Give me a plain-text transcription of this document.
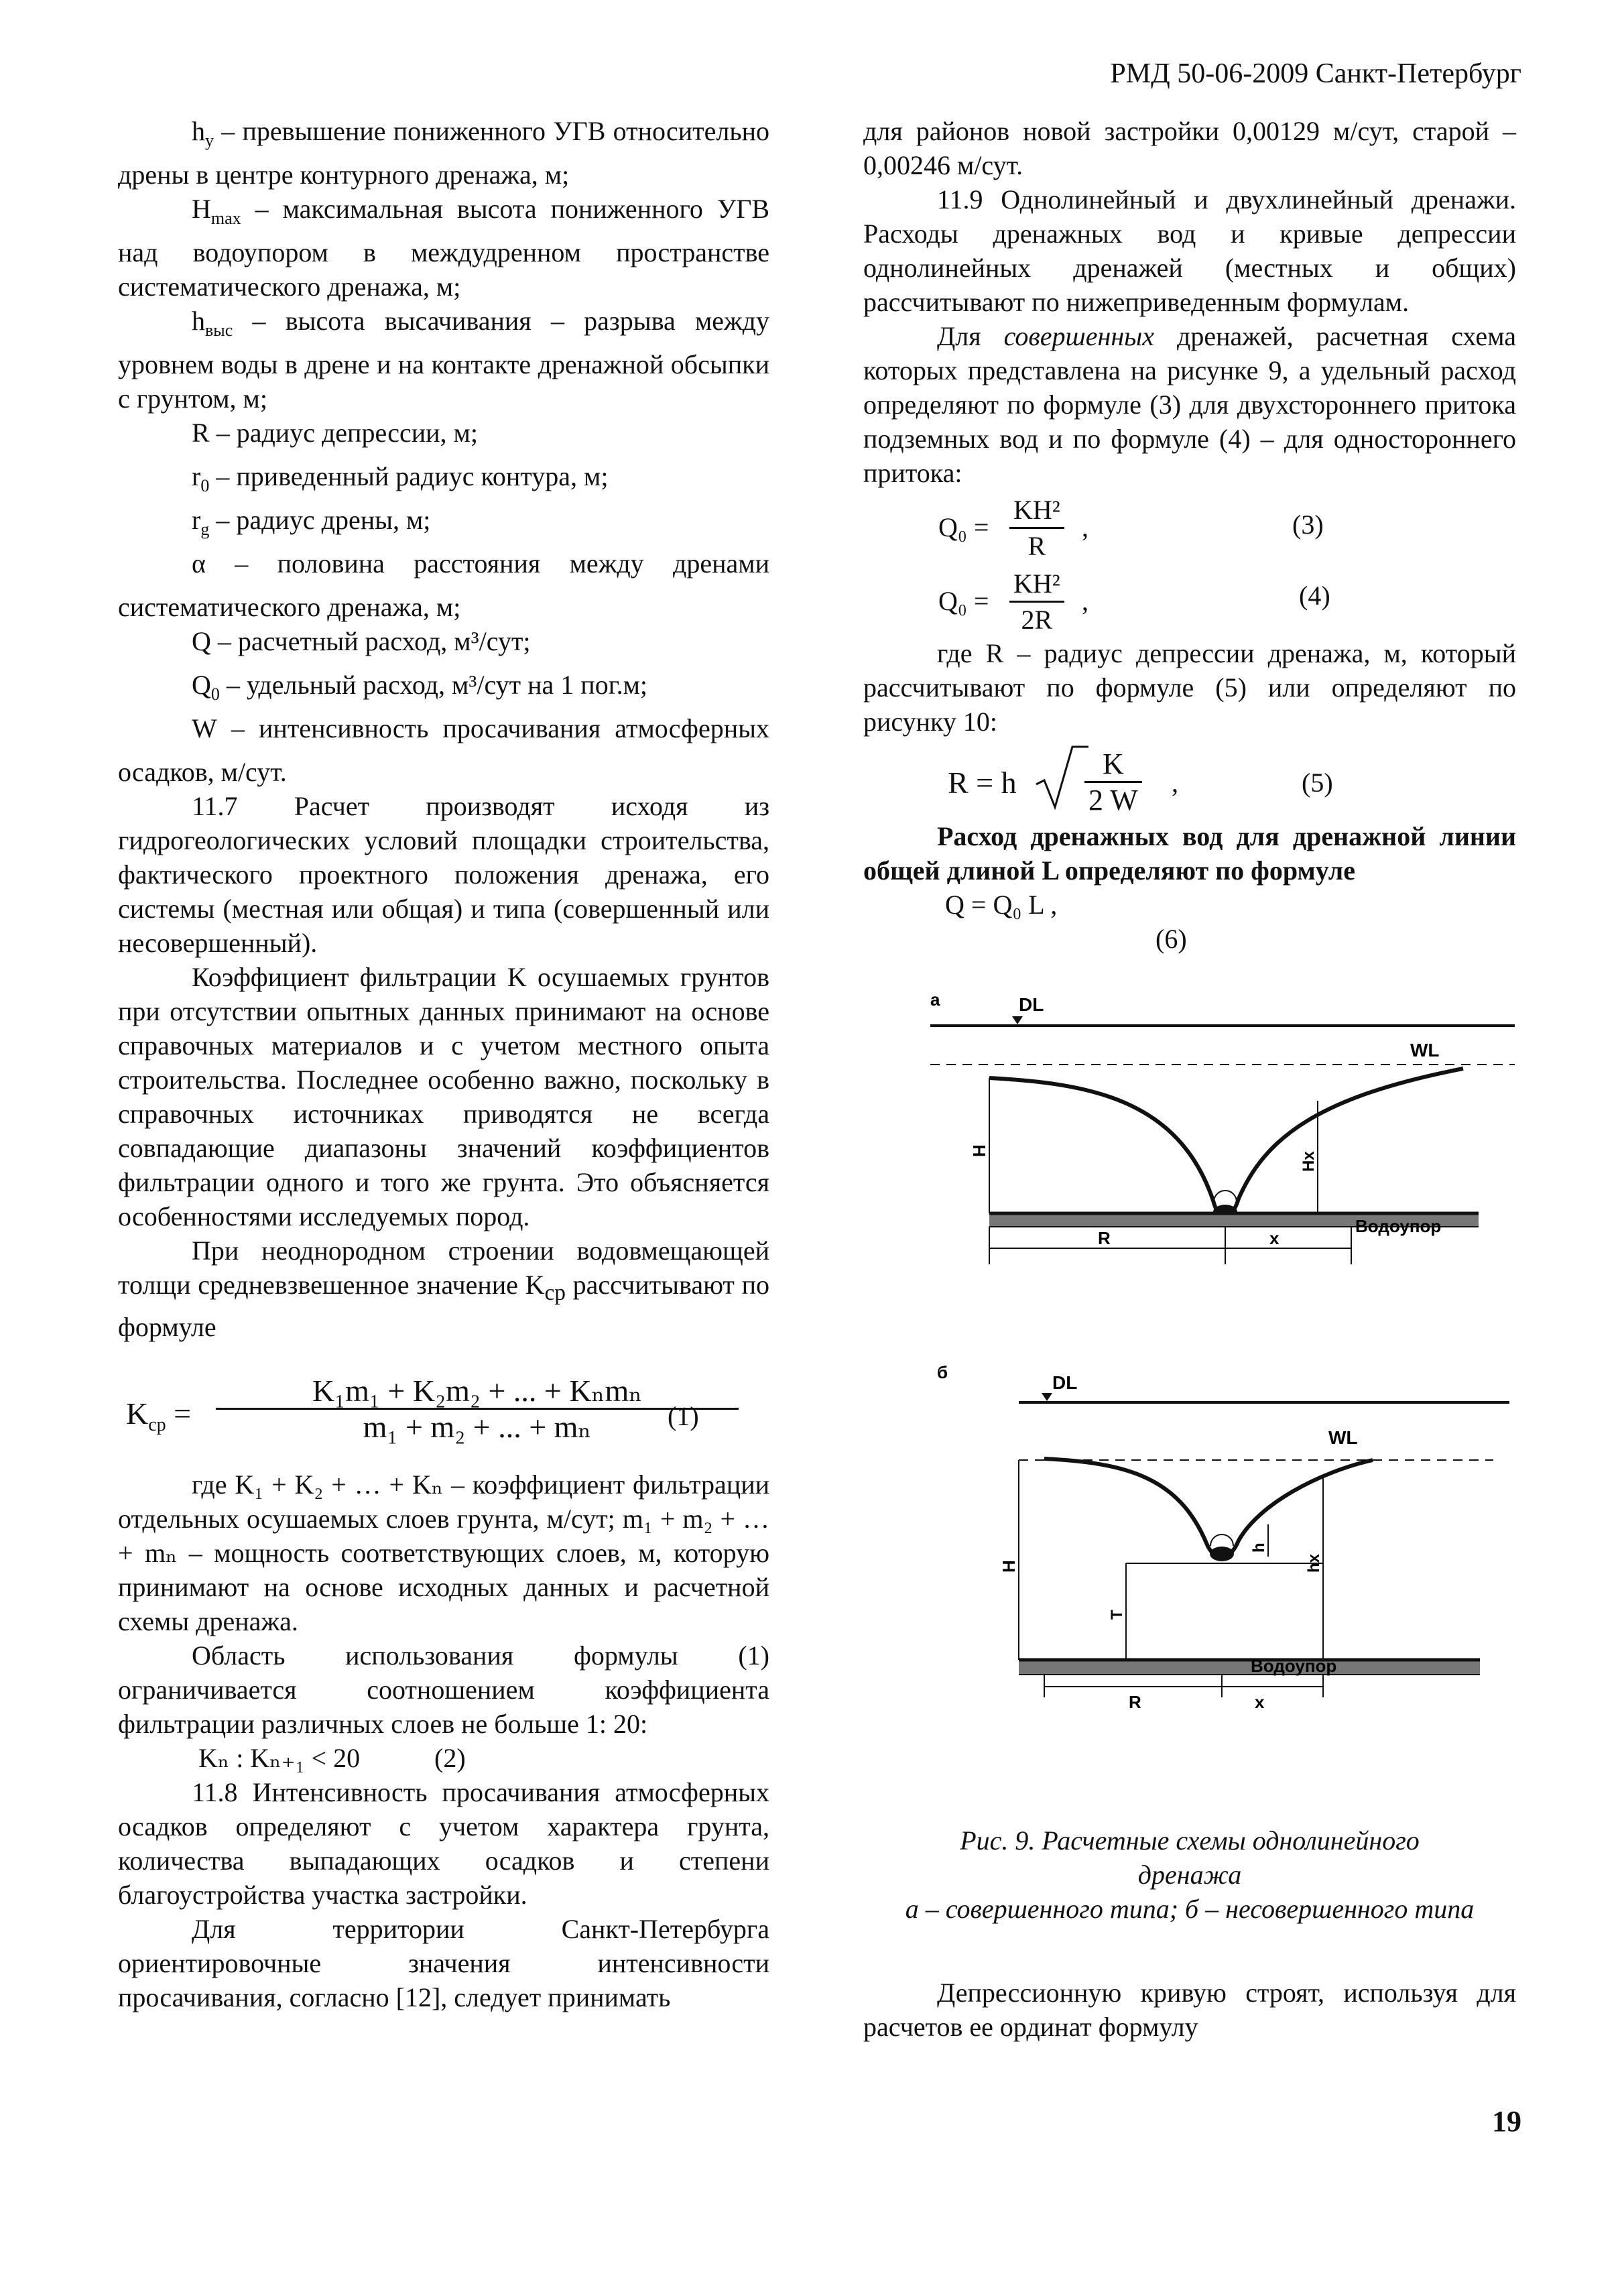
РМД 50-06-2009 Санкт-Петербург

$h_у$ – превышение пониженного УГВ относительно дрены в центре контурного дренажа, м;

$H_{max}$ – максимальная высота пониженного УГВ над водоупором в междудренном пространстве систематического дренажа, м;

$h_{выс}$ – высота высачивания – разрыва между уровнем воды в дрене и на контакте дренажной обсыпки с грунтом, м;

R – радиус депрессии, м;

$r_0$ – приведенный радиус контура, м;

$r_g$ – радиус дрены, м;

α – половина расстояния между дренами систематического дренажа, м;

Q – расчетный расход, м³/сут;

$Q_0$ – удельный расход, м³/сут на 1 пог.м;

W – интенсивность просачивания атмосферных осадков, м/сут.

11.7 Расчет производят исходя из гидрогеологических условий площадки строительства, фактического проектного положения дренажа, его системы (местная или общая) и типа (совершенный или несовершенный).

Коэффициент фильтрации K осушаемых грунтов при отсутствии опытных данных принимают на основе справочных материалов и с учетом местного опыта строительства. Последнее особенно важно, поскольку в справочных источниках приводятся не всегда совпадающие диапазоны значений коэффициентов фильтрации одного и того же грунта. Это объясняется особенностями исследуемых пород.

При неоднородном строении водовмещающей толщи средневзвешенное значение $K_{ср}$ рассчитывают по формуле

$K_{ср}$ =
K₁m₁ + K₂m₂ + ... + Kₙmₙ
m₁ + m₂ + ... + mₙ	(1)

где K₁ + K₂ + … + Kₙ – коэффициент фильтрации отдельных осушаемых слоев грунта, м/сут; m₁ + m₂ + … + mₙ – мощность соответствующих слоев, м, которую принимают на основе исходных данных и расчетной схемы дренажа.

Область использования формулы (1) ограничивается соотношением коэффициента фильтрации различных слоев не больше 1: 20:

Kₙ : Kₙ₊₁ < 20	(2)

11.8 Интенсивность просачивания атмосферных осадков определяют с учетом характера грунта, количества выпадающих осадков и степени благоустройства участка застройки.

Для территории Санкт-Петербурга ориентировочные значения интенсивности просачивания, согласно [12], следует принимать

для районов новой застройки 0,00129 м/сут, старой – 0,00246 м/сут.

11.9 Однолинейный и двухлинейный дренажи. Расходы дренажных вод и кривые депрессии однолинейных дренажей (местных и общих) рассчитывают по нижеприведенным формулам.

Для совершенных дренажей, расчетная схема которых представлена на рисунке 9, а удельный расход определяют по формуле (3) для двухстороннего притока подземных вод и по формуле (4) – для одностороннего притока:

$Q_0 = \frac{\text{KH²}}{R}$ ,	(3)
$Q_0 = \frac{\text{KH²}}{2R}$ ,	(4)

где R – радиус депрессии дренажа, м, который рассчитывают по формуле (5) или определяют по рисунку 10:

R = h $\frac{K}{2 W}$ ,	(5)

Расход дренажных вод для дренажной линии общей длиной L определяют по формуле

Q = Q₀ L ,
(6)
а	DL
WL
H
Hx
Водоупор
R	x
б	DL
WL
H
h
hx
T
Водоупор
R	x
Рис. 9. Расчетные схемы однолинейного
дренажа
а – совершенного типа; б – несовершенного типа

Депрессионную кривую строят, используя для расчетов ее ординат формулу

19
